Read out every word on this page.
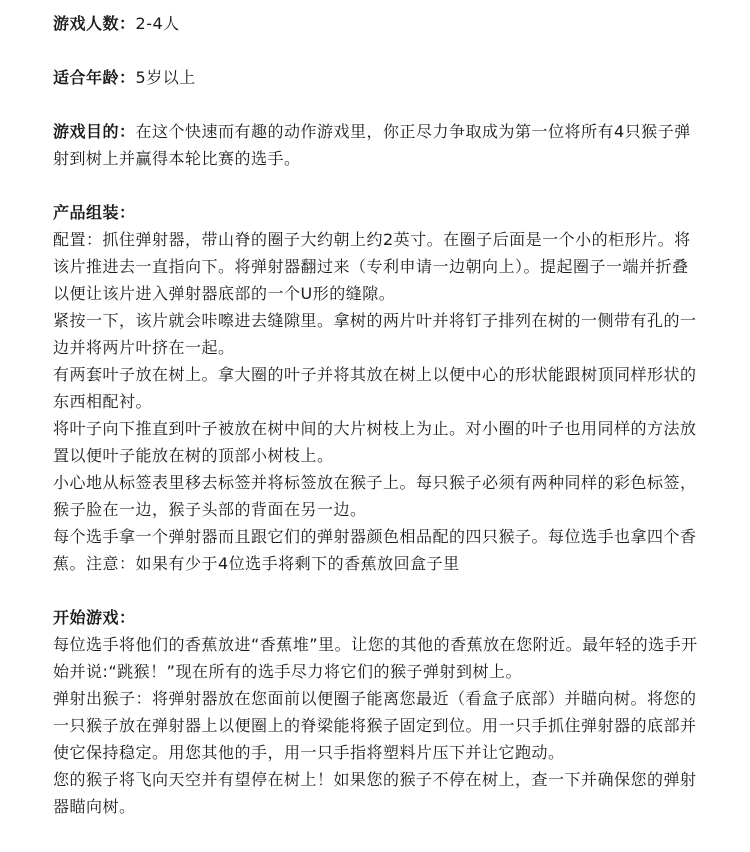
游戏人数：2-4人

适合年龄：5岁以上

游戏目的：在这个快速而有趣的动作游戏里，你正尽力争取成为第一位将所有4只猴子弹射到树上并赢得本轮比赛的选手。

产品组装：

配置：抓住弹射器，带山脊的圈子大约朝上约2英寸。在圈子后面是一个小的柜形片。将该片推进去一直指向下。将弹射器翻过来（专利申请一边朝向上）。提起圈子一端并折叠以便让该片进入弹射器底部的一个U形的缝隙。

紧按一下，该片就会咔嚓进去缝隙里。拿树的两片叶并将钉子排列在树的一侧带有孔的一边并将两片叶挤在一起。

有两套叶子放在树上。拿大圈的叶子并将其放在树上以便中心的形状能跟树顶同样形状的东西相配衬。

将叶子向下推直到叶子被放在树中间的大片树枝上为止。对小圈的叶子也用同样的方法放置以便叶子能放在树的顶部小树枝上。

小心地从标签表里移去标签并将标签放在猴子上。每只猴子必须有两种同样的彩色标签，猴子脸在一边，猴子头部的背面在另一边。

每个选手拿一个弹射器而且跟它们的弹射器颜色相品配的四只猴子。每位选手也拿四个香蕉。注意：如果有少于4位选手将剩下的香蕉放回盒子里

开始游戏：

每位选手将他们的香蕉放进“香蕉堆”里。让您的其他的香蕉放在您附近。最年轻的选手开始并说:“跳猴！”现在所有的选手尽力将它们的猴子弹射到树上。

弹射出猴子：将弹射器放在您面前以便圈子能离您最近（看盒子底部）并瞄向树。将您的一只猴子放在弹射器上以便圈上的脊梁能将猴子固定到位。用一只手抓住弹射器的底部并使它保持稳定。用您其他的手，用一只手指将塑料片压下并让它跑动。

您的猴子将飞向天空并有望停在树上！如果您的猴子不停在树上，查一下并确保您的弹射器瞄向树。
